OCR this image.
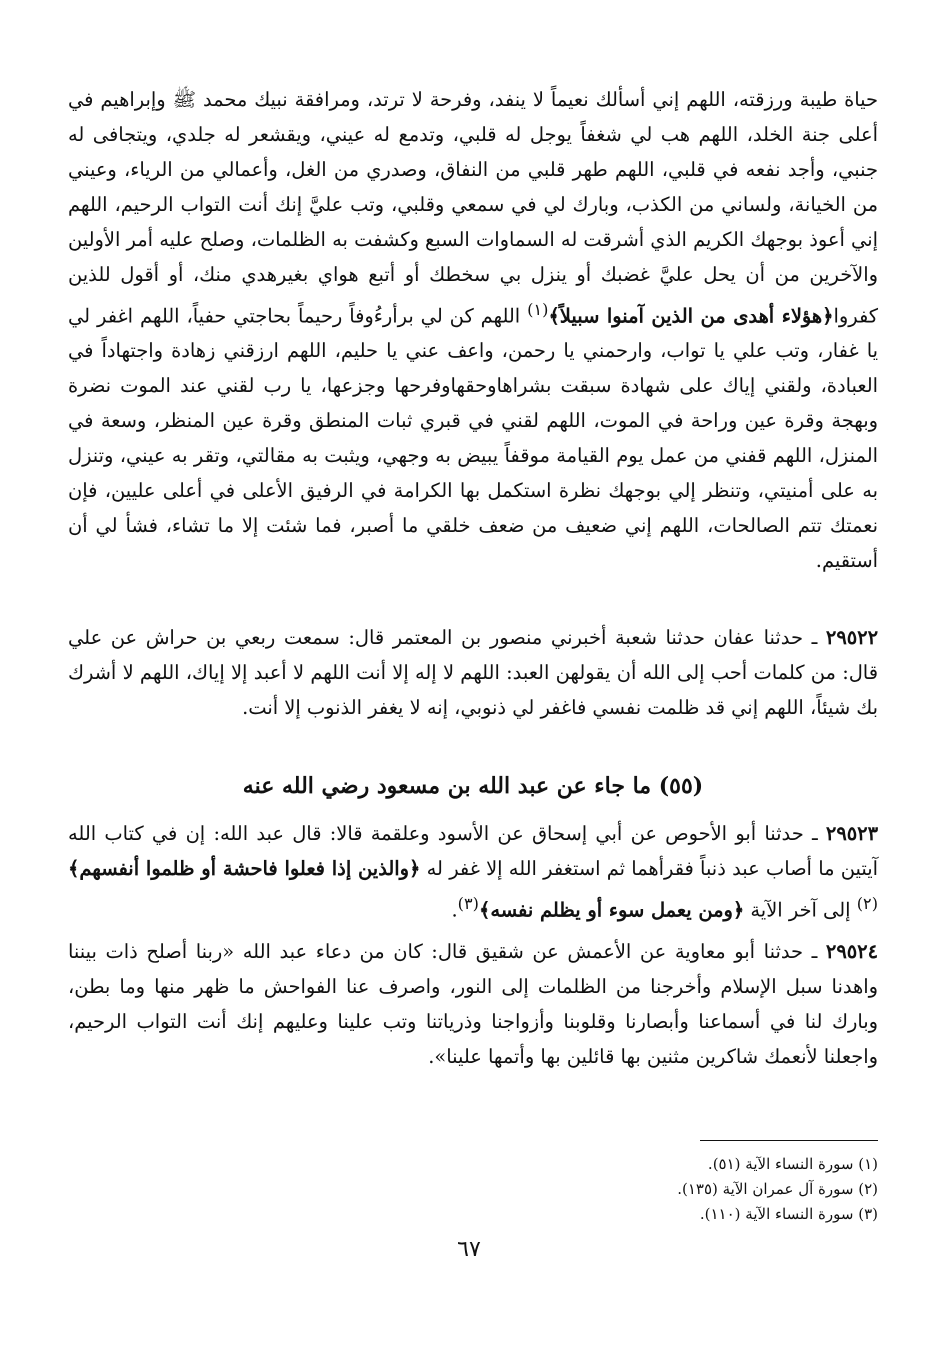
حياة طيبة ورزقته، اللهم إني أسألك نعيماً لا ينفد، وفرحة لا ترتد، ومرافقة نبيك محمد ﷺ وإبراهيم في أعلى جنة الخلد، اللهم هب لي شغفاً يوجل له قلبي، وتدمع له عيني، ويقشعر له جلدي، ويتجافى له جنبي، وأجد نفعه في قلبي، اللهم طهر قلبي من النفاق، وصدري من الغل، وأعمالي من الرياء، وعيني من الخيانة، ولساني من الكذب، وبارك لي في سمعي وقلبي، وتب عليَّ إنك أنت التواب الرحيم، اللهم إني أعوذ بوجهك الكريم الذي أشرقت له السماوات السبع وكشفت به الظلمات، وصلح عليه أمر الأولين والآخرين من أن يحل عليَّ غضبك أو ينزل بي سخطك أو أتبع هواي بغيرهدي منك، أو أقول للذين كفروا﴿هؤلاء أهدى من الذين آمنوا سبيلاً﴾$^{(١)}$ اللهم كن لي برأرءُوفاً رحيماً بحاجتي حفياً، اللهم اغفر لي يا غفار، وتب علي يا تواب، وارحمني يا رحمن، واعف عني يا حليم، اللهم ارزقني زهادة واجتهاداً في العبادة، ولقني إياك على شهادة سبقت بشراهاوحقهاوفرحها وجزعها، يا رب لقني عند الموت نضرة وبهجة وقرة عين وراحة في الموت، اللهم لقني في قبري ثبات المنطق وقرة عين المنظر، وسعة في المنزل، اللهم قفني من عمل يوم القيامة موقفاً يبيض به وجهي، ويثبت به مقالتي، وتقر به عيني، وتنزل به على أمنيتي، وتنظر إلي بوجهك نظرة استكمل بها الكرامة في الرفيق الأعلى في أعلى عليين، فإن نعمتك تتم الصالحات، اللهم إني ضعيف من ضعف خلقي ما أصبر، فما شئت إلا ما تشاء، فشأ لي أن أستقيم.

٢٩٥٢٢ ـ حدثنا عفان حدثنا شعبة أخبرني منصور بن المعتمر قال: سمعت ربعي بن حراش عن علي قال: من كلمات أحب إلى الله أن يقولهن العبد: اللهم لا إله إلا أنت اللهم لا أعبد إلا إياك، اللهم لا أشرك بك شيئاً، اللهم إني قد ظلمت نفسي فاغفر لي ذنوبي، إنه لا يغفر الذنوب إلا أنت.

(٥٥) ما جاء عن عبد الله بن مسعود رضي الله عنه

٢٩٥٢٣ ـ حدثنا أبو الأحوص عن أبي إسحاق عن الأسود وعلقمة قالا: قال عبد الله: إن في كتاب الله آيتين ما أصاب عبد ذنباً فقرأهما ثم استغفر الله إلا غفر له ﴿والذين إذا فعلوا فاحشة أو ظلموا أنفسهم﴾$^{(٢)}$ إلى آخر الآية ﴿ومن يعمل سوء أو يظلم نفسه﴾$^{(٣)}$.

٢٩٥٢٤ ـ حدثنا أبو معاوية عن الأعمش عن شقيق قال: كان من دعاء عبد الله «ربنا أصلح ذات بيننا واهدنا سبل الإسلام وأخرجنا من الظلمات إلى النور، واصرف عنا الفواحش ما ظهر منها وما بطن، وبارك لنا في أسماعنا وأبصارنا وقلوبنا وأزواجنا وذرياتنا وتب علينا وعليهم إنك أنت التواب الرحيم، واجعلنا لأنعمك شاكرين مثنين بها قائلين بها وأتمها علينا».

(١) سورة النساء الآية (٥١).
(٢) سورة آل عمران الآية (١٣٥).
(٣) سورة النساء الآية (١١٠).
٦٧
